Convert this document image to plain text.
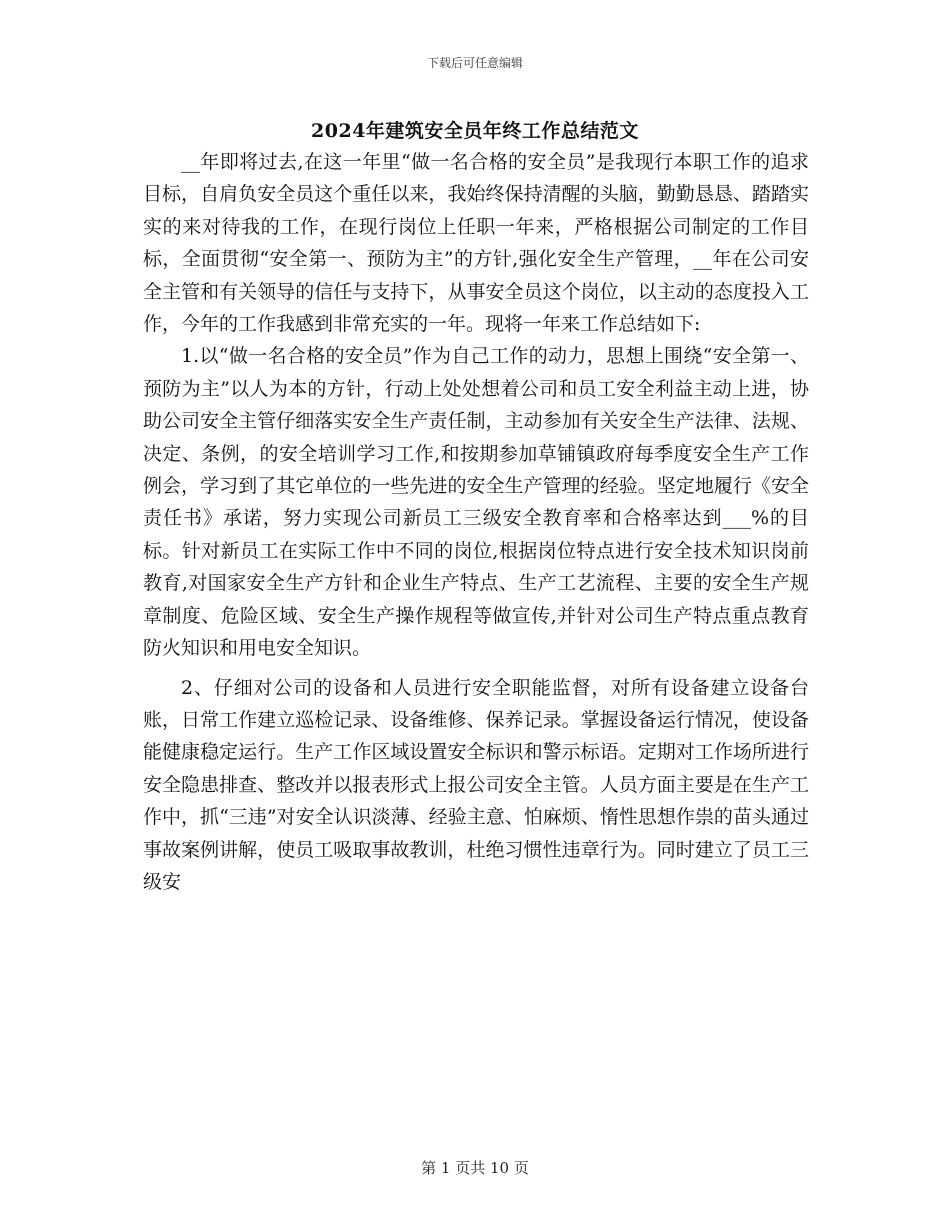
下载后可任意编辑
2024年建筑安全员年终工作总结范文

__年即将过去,在这一年里“做一名合格的安全员”是我现行本职工作的追求目标，自肩负安全员这个重任以来，我始终保持清醒的头脑，勤勤恳恳、踏踏实实的来对待我的工作，在现行岗位上任职一年来，严格根据公司制定的工作目标，全面贯彻“安全第一、预防为主”的方针,强化安全生产管理，__年在公司安全主管和有关领导的信任与支持下，从事安全员这个岗位，以主动的态度投入工作，今年的工作我感到非常充实的一年。现将一年来工作总结如下:

1.以“做一名合格的安全员”作为自己工作的动力，思想上围绕“安全第一、预防为主”以人为本的方针，行动上处处想着公司和员工安全利益主动上进，协助公司安全主管仔细落实安全生产责任制，主动参加有关安全生产法律、法规、决定、条例，的安全培训学习工作,和按期参加草铺镇政府每季度安全生产工作例会，学习到了其它单位的一些先进的安全生产管理的经验。坚定地履行《安全责任书》承诺，努力实现公司新员工三级安全教育率和合格率达到___%的目标。针对新员工在实际工作中不同的岗位,根据岗位特点进行安全技术知识岗前教育,对国家安全生产方针和企业生产特点、生产工艺流程、主要的安全生产规章制度、危险区域、安全生产操作规程等做宣传,并针对公司生产特点重点教育防火知识和用电安全知识。

2、仔细对公司的设备和人员进行安全职能监督，对所有设备建立设备台账，日常工作建立巡检记录、设备维修、保养记录。掌握设备运行情况，使设备能健康稳定运行。生产工作区域设置安全标识和警示标语。定期对工作场所进行安全隐患排查、整改并以报表形式上报公司安全主管。人员方面主要是在生产工作中，抓“三违”对安全认识淡薄、经验主意、怕麻烦、惰性思想作祟的苗头通过事故案例讲解，使员工吸取事故教训，杜绝习惯性违章行为。同时建立了员工三级安

第 1 页共 10 页
